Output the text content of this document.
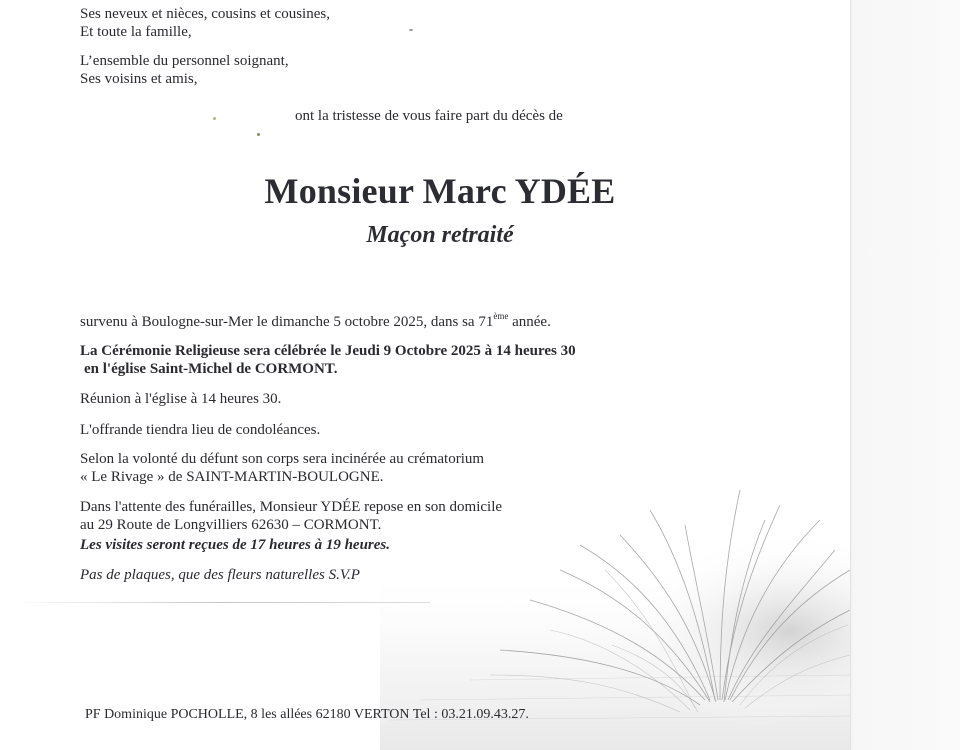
Ses neveux et nièces, cousins et cousines,
Et toute la famille,
L’ensemble du personnel soignant,
Ses voisins et amis,
ont la tristesse de vous faire part du décès de
Monsieur Marc YDÉE
Maçon retraité
survenu à Boulogne-sur-Mer le dimanche 5 octobre 2025, dans sa 71ème année.
La Cérémonie Religieuse sera célébrée le Jeudi 9 Octobre 2025 à 14 heures 30
en l'église Saint-Michel de CORMONT.
Réunion à l'église à 14 heures 30.
L'offrande tiendra lieu de condoléances.
Selon la volonté du défunt son corps sera incinérée au crématorium
« Le Rivage » de SAINT-MARTIN-BOULOGNE.
Dans l'attente des funérailles, Monsieur YDÉE repose en son domicile
au 29 Route de Longvilliers 62630 – CORMONT.
Les visites seront reçues de 17 heures à 19 heures.
Pas de plaques, que des fleurs naturelles S.V.P
PF Dominique POCHOLLE, 8 les allées 62180 VERTON Tel : 03.21.09.43.27.
